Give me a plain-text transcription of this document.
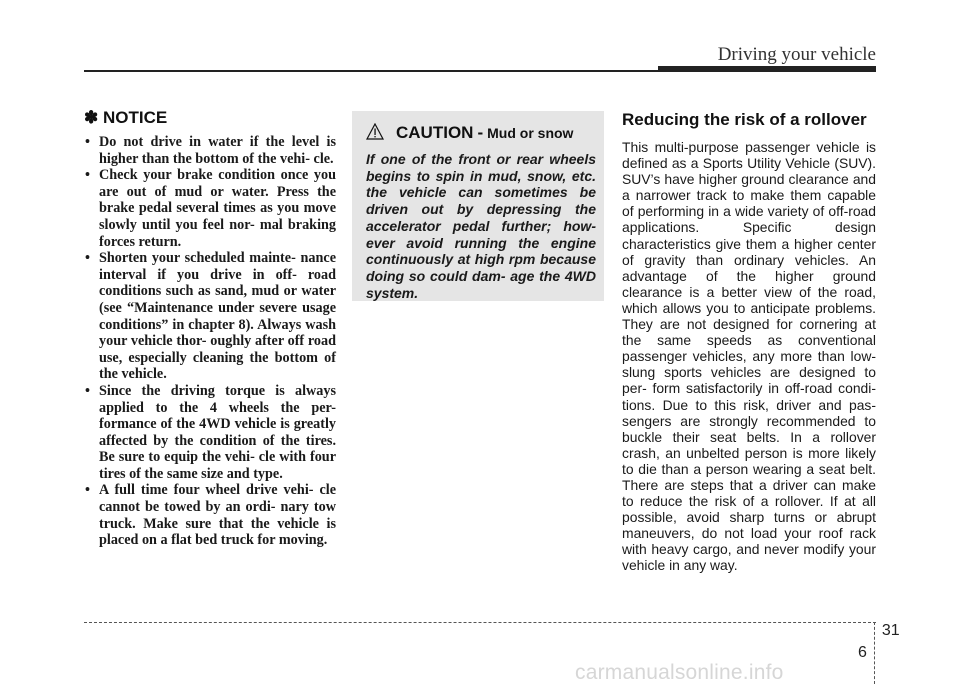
Driving your vehicle
✽ NOTICE
• Do not drive in water if the level is higher than the bottom of the vehi- cle.
• Check your brake condition once you are out of mud or water. Press the brake pedal several times as you move slowly until you feel nor- mal braking forces return.
• Shorten your scheduled mainte- nance interval if you drive in off- road conditions such as sand, mud or water (see “Maintenance under severe usage conditions” in chapter 8). Always wash your vehicle thor- oughly after off road use, especially cleaning the bottom of the vehicle.
• Since the driving torque is always applied to the 4 wheels the per- formance of the 4WD vehicle is greatly affected by the condition of the tires. Be sure to equip the vehi- cle with four tires of the same size and type.
• A full time four wheel drive vehi- cle cannot be towed by an ordi- nary tow truck. Make sure that the vehicle is placed on a flat bed truck for moving.
CAUTION - Mud or snow

If one of the front or rear wheels begins to spin in mud, snow, etc. the vehicle can sometimes be driven out by depressing the accelerator pedal further; how- ever avoid running the engine continuously at high rpm because doing so could dam- age the 4WD system.

Reducing the risk of a rollover

This multi-purpose passenger vehicle is defined as a Sports Utility Vehicle (SUV). SUV’s have higher ground clearance and a narrower track to make them capable of performing in a wide variety of off-road applications. Specific design characteristics give them a higher center of gravity than ordinary vehicles. An advantage of the higher ground clearance is a better view of the road, which allows you to anticipate problems. They are not designed for cornering at the same speeds as conventional passenger vehicles, any more than low-slung sports vehicles are designed to per- form satisfactorily in off-road condi- tions. Due to this risk, driver and pas- sengers are strongly recommended to buckle their seat belts. In a rollover crash, an unbelted person is more likely to die than a person wearing a seat belt. There are steps that a driver can make to reduce the risk of a rollover. If at all possible, avoid sharp turns or abrupt maneuvers, do not load your roof rack with heavy cargo, and never modify your vehicle in any way.

6
31
carmanualsonline.info
